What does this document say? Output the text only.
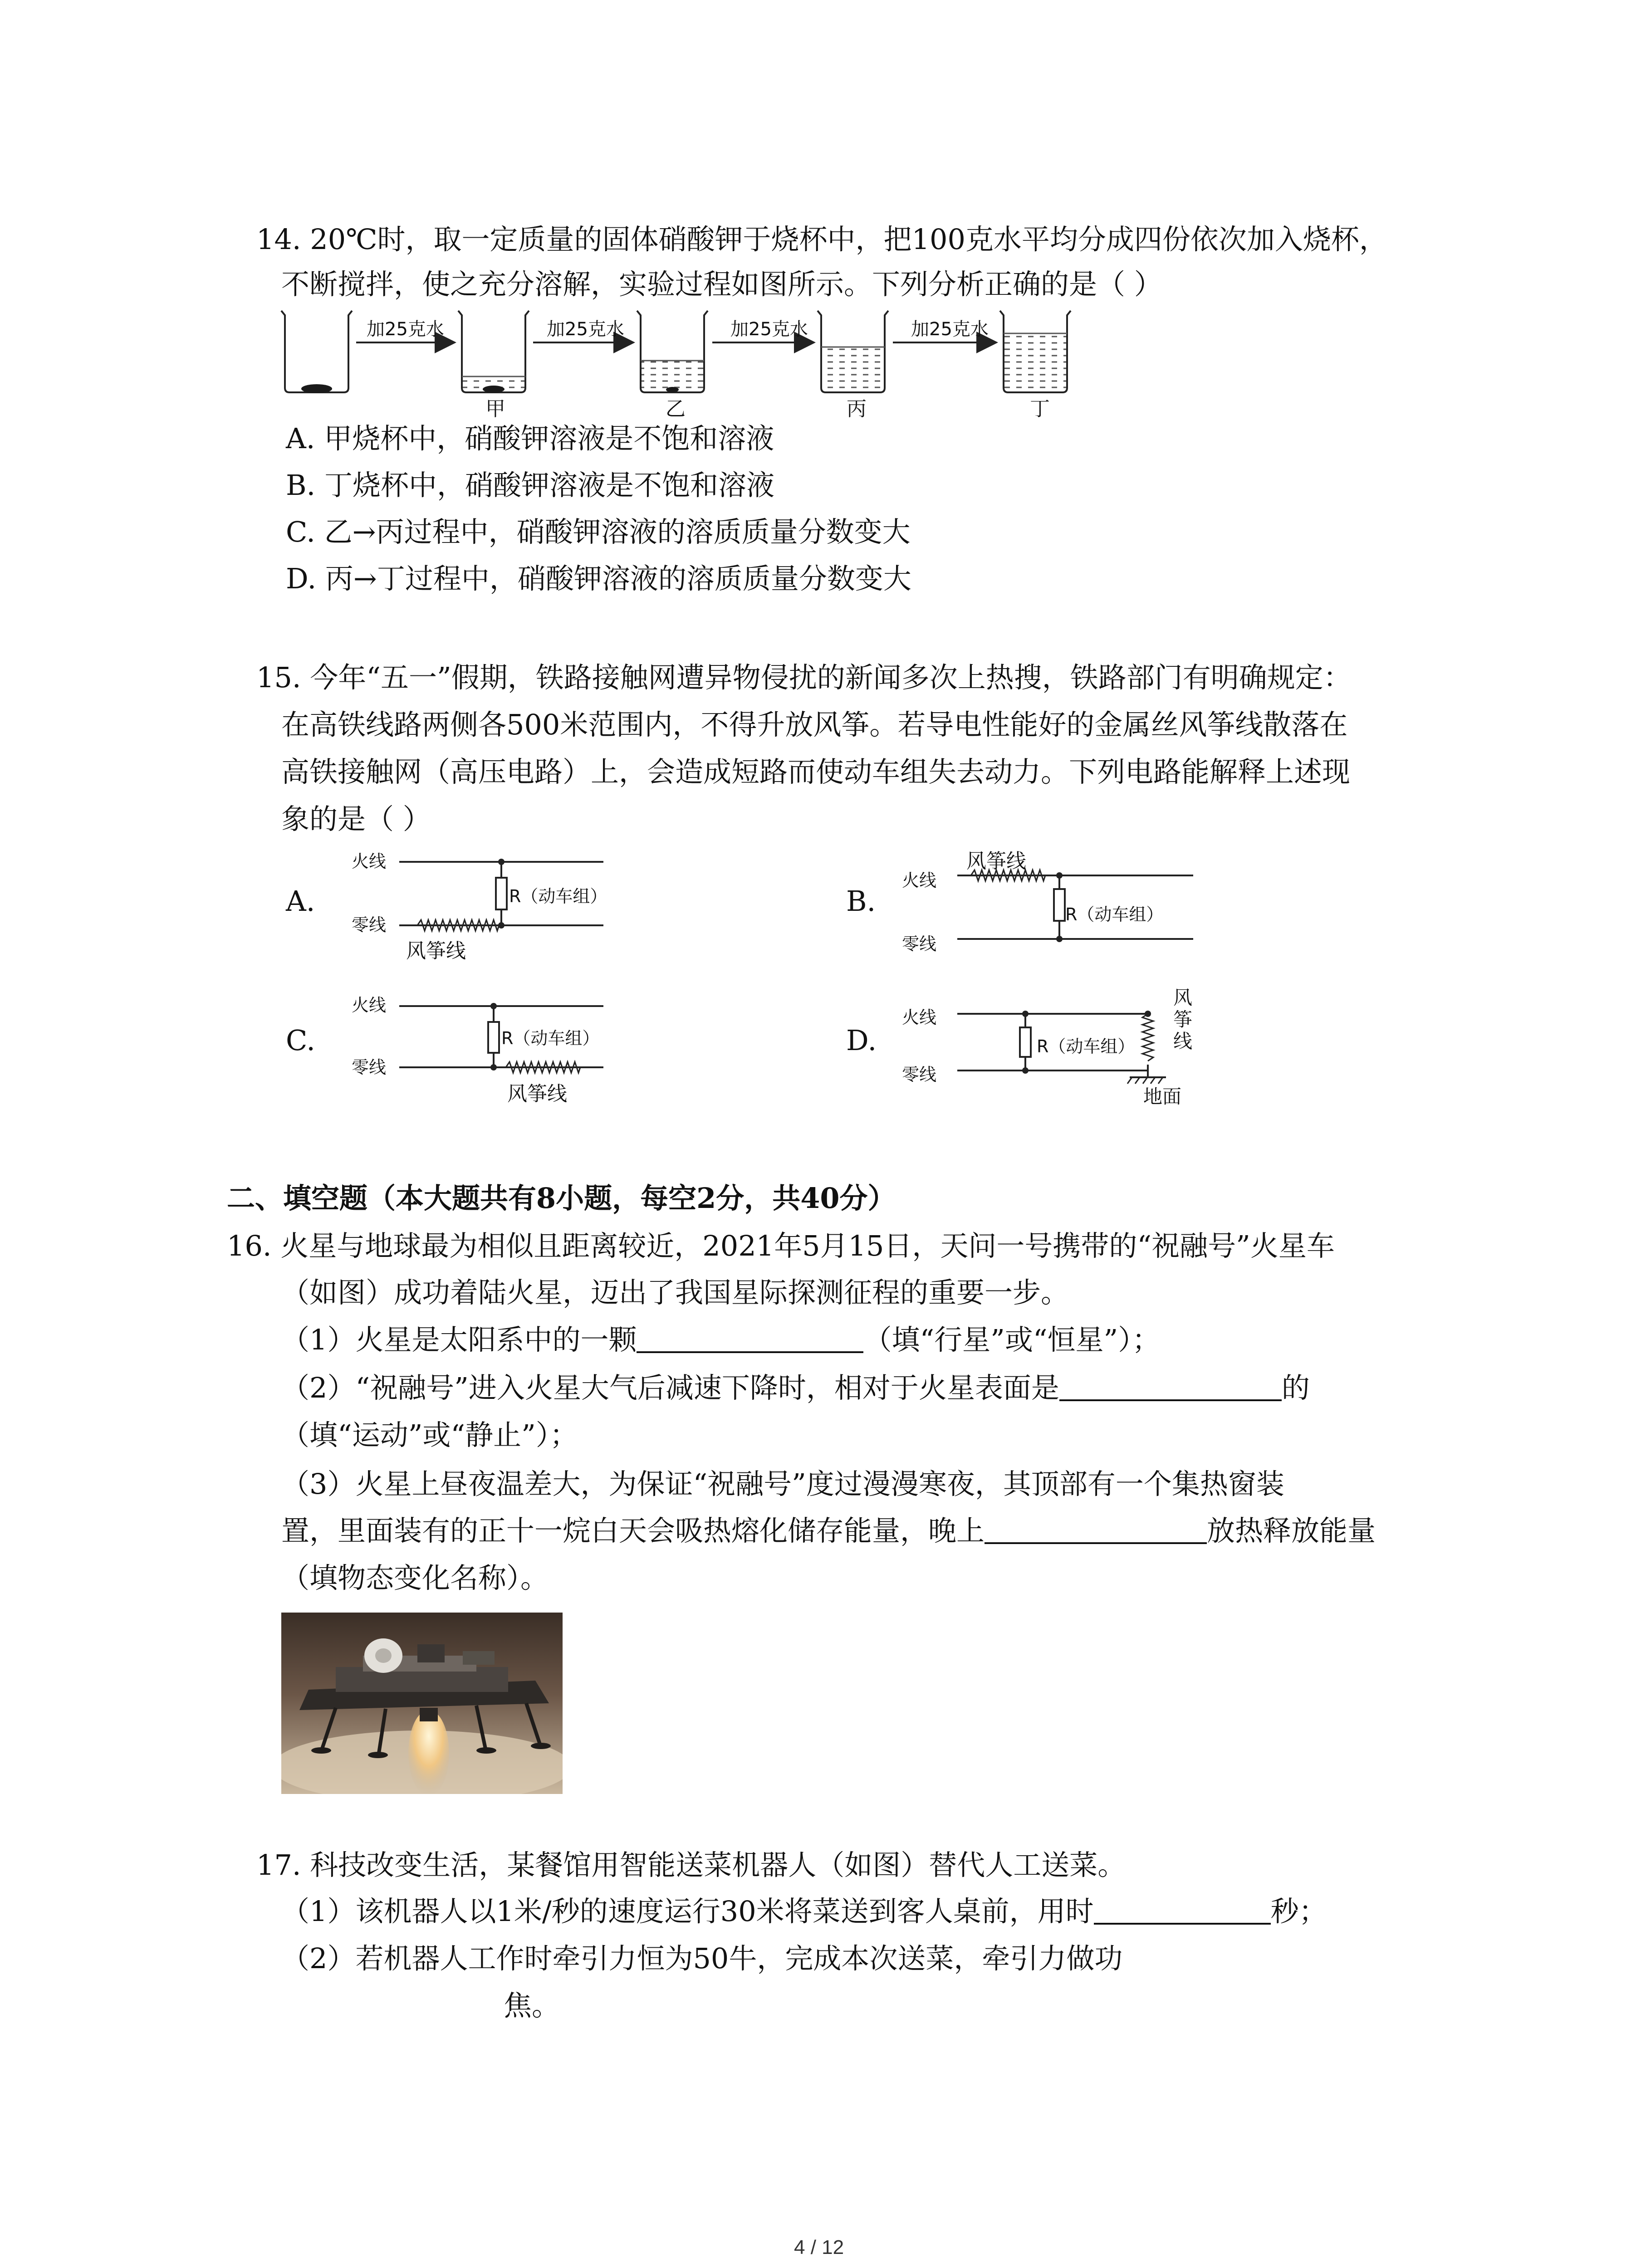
14. 20℃时，取一定质量的固体硝酸钾于烧杯中，把100克水平均分成四份依次加入烧杯，
不断搅拌，使之充分溶解，实验过程如图所示。下列分析正确的是（ ）
加25克水	加25克水	加25克水	加25克水
甲	乙	丙	丁
A. 甲烧杯中，硝酸钾溶液是不饱和溶液
B. 丁烧杯中，硝酸钾溶液是不饱和溶液
C. 乙→丙过程中，硝酸钾溶液的溶质质量分数变大
D. 丙→丁过程中，硝酸钾溶液的溶质质量分数变大
15. 今年“五一”假期，铁路接触网遭异物侵扰的新闻多次上热搜，铁路部门有明确规定：
在高铁线路两侧各500米范围内，不得升放风筝。若导电性能好的金属丝风筝线散落在
高铁接触网（高压电路）上，会造成短路而使动车组失去动力。下列电路能解释上述现
象的是（ ）
A.
火线
零线
R（动车组）
风筝线
B.
火线
零线
R（动车组）
风筝线
C.
火线
零线
R（动车组）
风筝线
D.
火线
零线
R（动车组）
风
筝
线
地面
二、填空题（本大题共有8小题，每空2分，共40分）
16. 火星与地球最为相似且距离较近，2021年5月15日，天问一号携带的“祝融号”火星车
（如图）成功着陆火星，迈出了我国星际探测征程的重要一步。
（1）火星是太阳系中的一颗	（填“行星”或“恒星”）；
（2）“祝融号”进入火星大气后减速下降时，相对于火星表面是	的
（填“运动”或“静止”）；
（3）火星上昼夜温差大，为保证“祝融号”度过漫漫寒夜，其顶部有一个集热窗装
置，里面装有的正十一烷白天会吸热熔化储存能量，晚上	放热释放能量
（填物态变化名称）。
17. 科技改变生活，某餐馆用智能送菜机器人（如图）替代人工送菜。
（1）该机器人以1米/秒的速度运行30米将菜送到客人桌前，用时	秒；
（2）若机器人工作时牵引力恒为50牛，完成本次送菜，牵引力做功
焦。
4 / 12
